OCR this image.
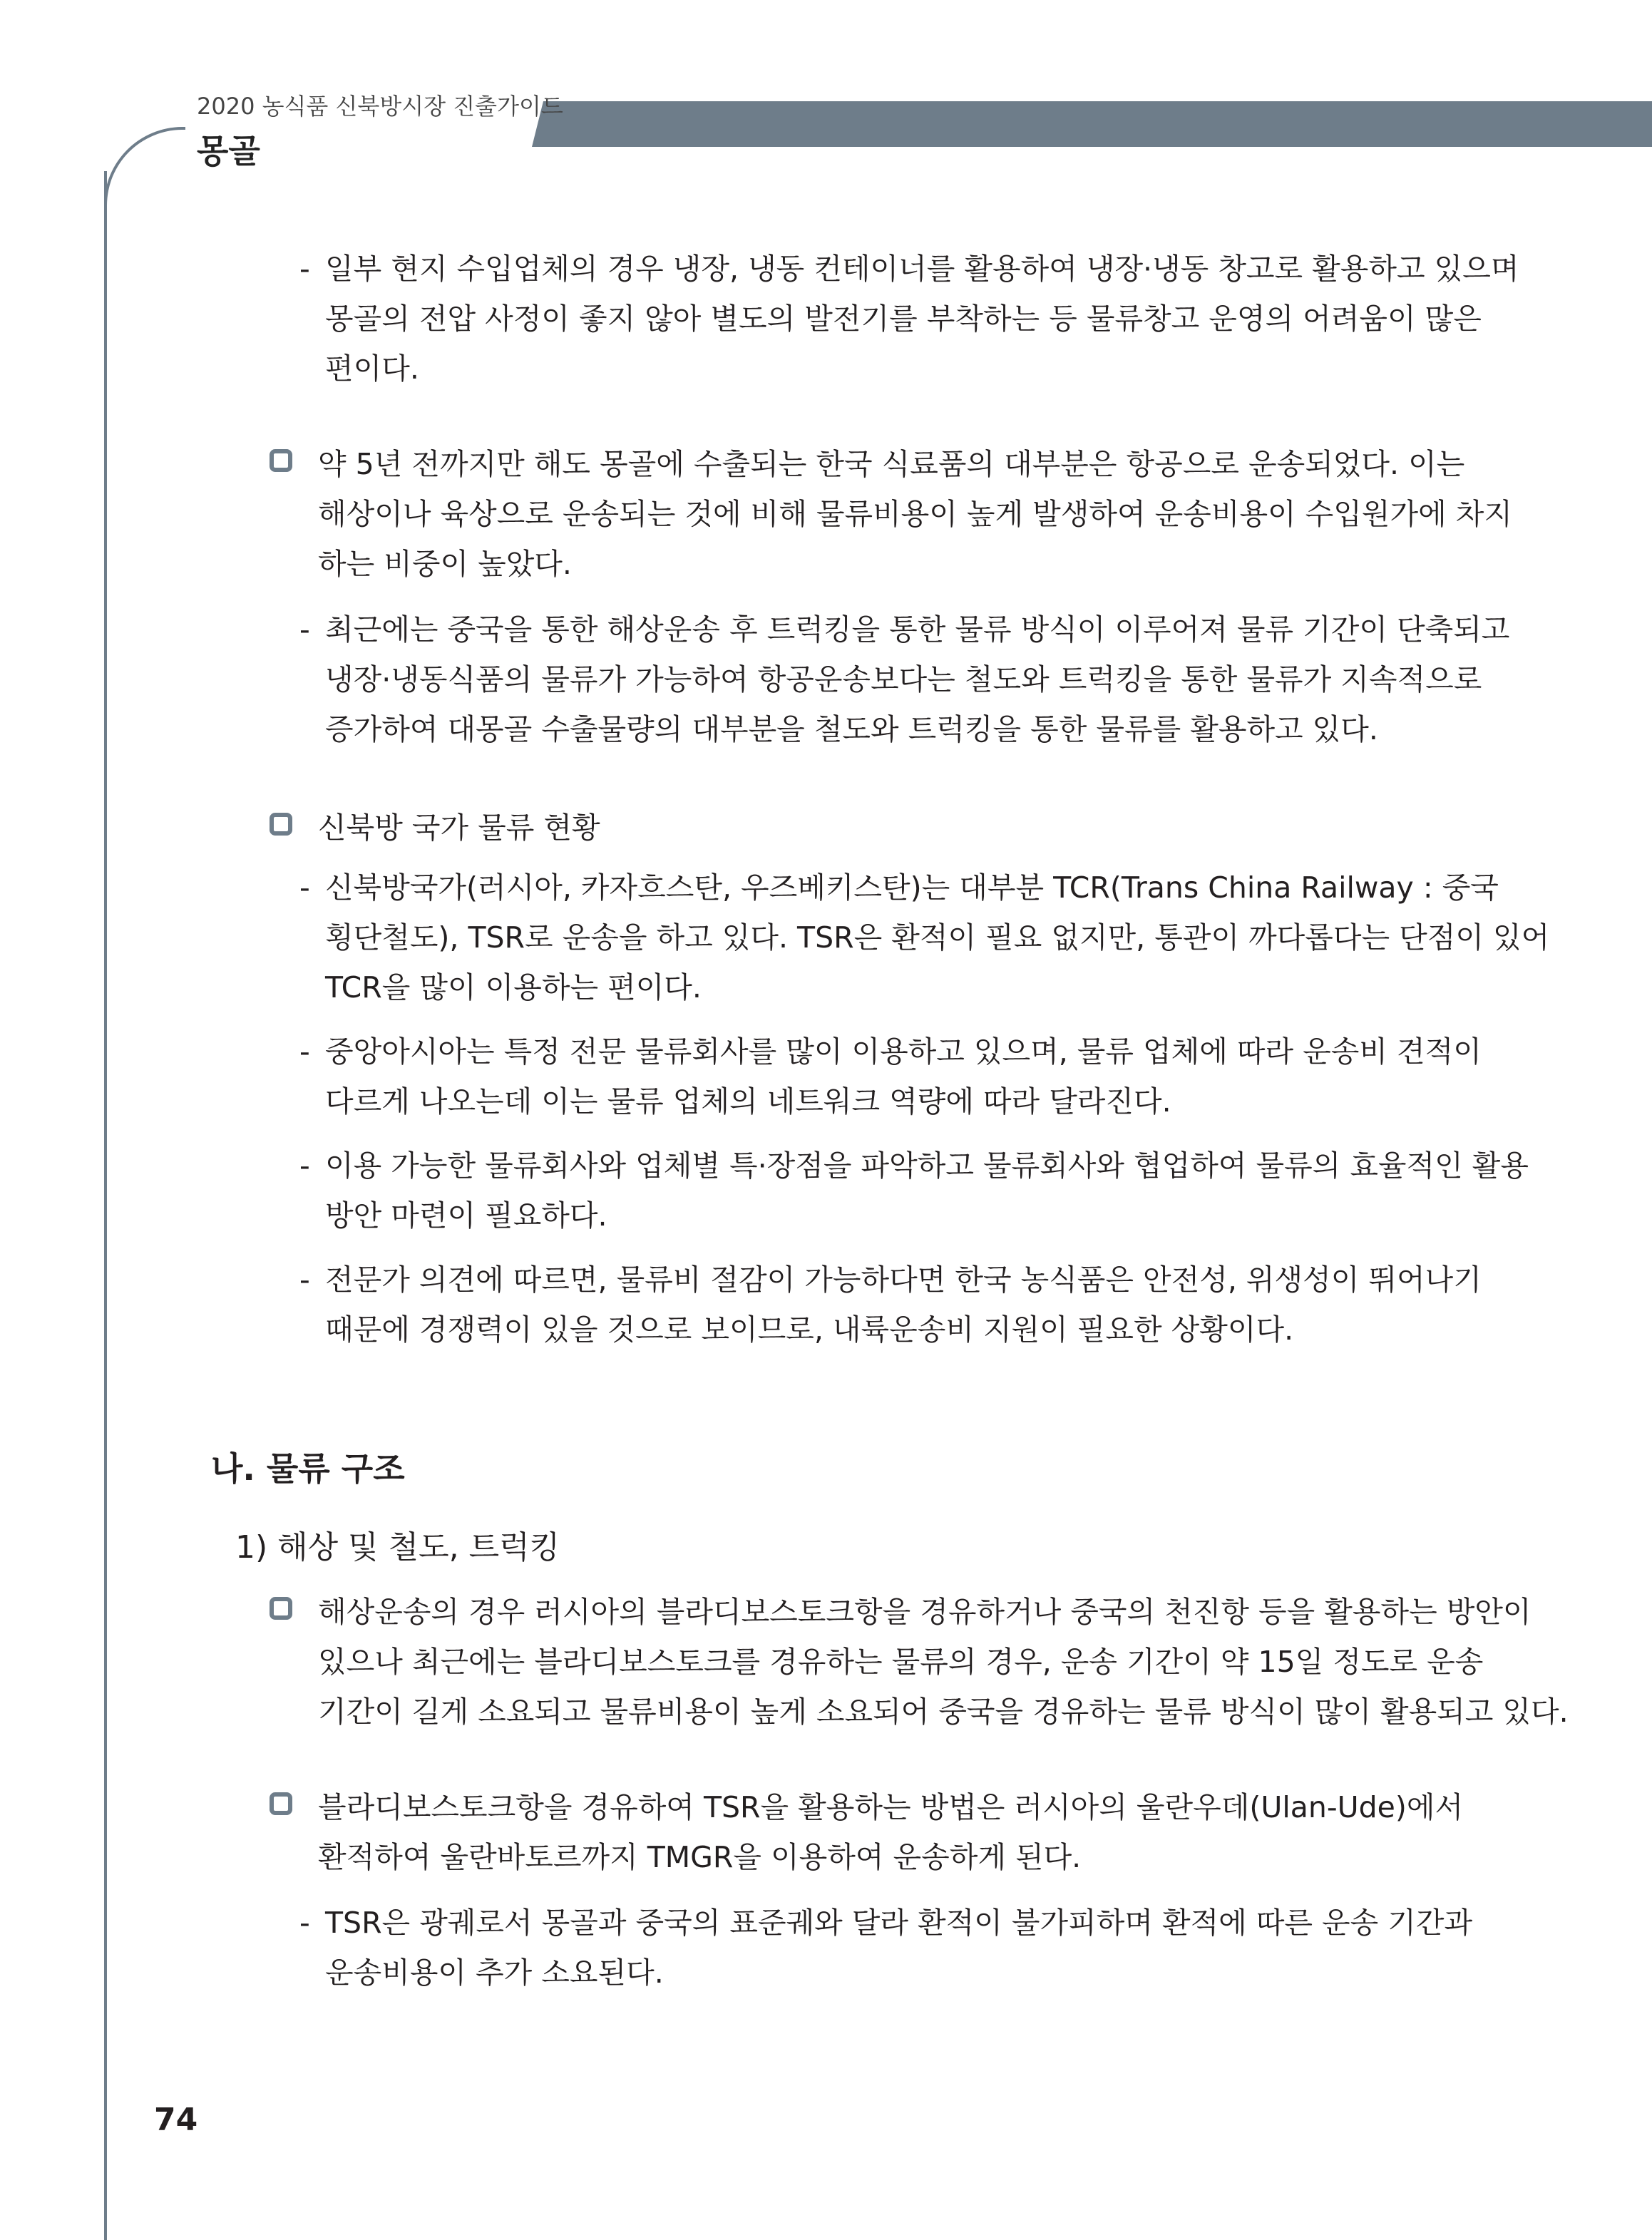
2020 농식품 신북방시장 진출가이드
몽골
- 일부 현지 수입업체의 경우 냉장, 냉동 컨테이너를 활용하여 냉장·냉동 창고로 활용하고 있으며
몽골의 전압 사정이 좋지 않아 별도의 발전기를 부착하는 등 물류창고 운영의 어려움이 많은
편이다.
약 5년 전까지만 해도 몽골에 수출되는 한국 식료품의 대부분은 항공으로 운송되었다. 이는
해상이나 육상으로 운송되는 것에 비해 물류비용이 높게 발생하여 운송비용이 수입원가에 차지
하는 비중이 높았다.
- 최근에는 중국을 통한 해상운송 후 트럭킹을 통한 물류 방식이 이루어져 물류 기간이 단축되고
냉장·냉동식품의 물류가 가능하여 항공운송보다는 철도와 트럭킹을 통한 물류가 지속적으로
증가하여 대몽골 수출물량의 대부분을 철도와 트럭킹을 통한 물류를 활용하고 있다.
신북방 국가 물류 현황
- 신북방국가(러시아, 카자흐스탄, 우즈베키스탄)는 대부분 TCR(Trans China Railway : 중국
횡단철도), TSR로 운송을 하고 있다. TSR은 환적이 필요 없지만, 통관이 까다롭다는 단점이 있어
TCR을 많이 이용하는 편이다.
- 중앙아시아는 특정 전문 물류회사를 많이 이용하고 있으며, 물류 업체에 따라 운송비 견적이
다르게 나오는데 이는 물류 업체의 네트워크 역량에 따라 달라진다.
- 이용 가능한 물류회사와 업체별 특·장점을 파악하고 물류회사와 협업하여 물류의 효율적인 활용
방안 마련이 필요하다.
- 전문가 의견에 따르면, 물류비 절감이 가능하다면 한국 농식품은 안전성, 위생성이 뛰어나기
때문에 경쟁력이 있을 것으로 보이므로, 내륙운송비 지원이 필요한 상황이다.
해상운송의 경우 러시아의 블라디보스토크항을 경유하거나 중국의 천진항 등을 활용하는 방안이
있으나 최근에는 블라디보스토크를 경유하는 물류의 경우, 운송 기간이 약 15일 정도로 운송
기간이 길게 소요되고 물류비용이 높게 소요되어 중국을 경유하는 물류 방식이 많이 활용되고 있다.
블라디보스토크항을 경유하여 TSR을 활용하는 방법은 러시아의 울란우데(Ulan-Ude)에서
환적하여 울란바토르까지 TMGR을 이용하여 운송하게 된다.
- TSR은 광궤로서 몽골과 중국의 표준궤와 달라 환적이 불가피하며 환적에 따른 운송 기간과
운송비용이 추가 소요된다.
나. 물류 구조
1) 해상 및 철도, 트럭킹
74
